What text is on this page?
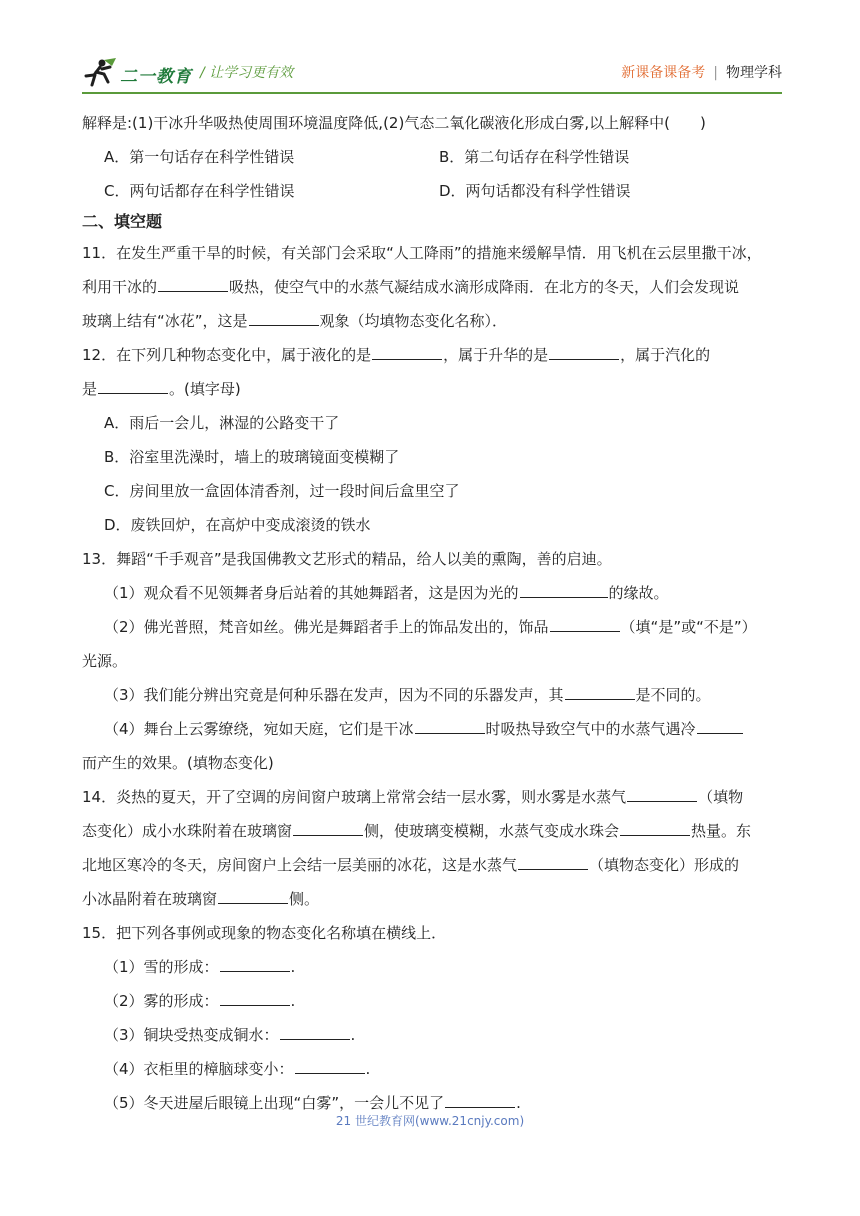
二一教育 / 让学习更有效	新课备课备考 | 物理学科

解释是:(1)干冰升华吸热使周围环境温度降低,(2)气态二氧化碳液化形成白雾,以上解释中(　　)

A．第一句话存在科学性错误	B．第二句话存在科学性错误
C．两句话都存在科学性错误	D．两句话都没有科学性错误

二、填空题

11．在发生严重干旱的时候，有关部门会采取“人工降雨”的措施来缓解旱情．用飞机在云层里撒干冰，

利用干冰的	吸热，使空气中的水蒸气凝结成水滴形成降雨．在北方的冬天，人们会发现说

玻璃上结有“冰花”，这是	观象（均填物态变化名称）．

12．在下列几种物态变化中，属于液化的是	，属于升华的是	，属于汽化的

是	。(填字母)

A．雨后一会儿，淋湿的公路变干了

B．浴室里洗澡时，墙上的玻璃镜面变模糊了

C．房间里放一盒固体清香剂，过一段时间后盒里空了

D．废铁回炉，在高炉中变成滚烫的铁水

13．舞蹈“千手观音”是我国佛教文艺形式的精品，给人以美的熏陶，善的启迪。

（1）观众看不见领舞者身后站着的其她舞蹈者，这是因为光的	的缘故。

（2）佛光普照，梵音如丝。佛光是舞蹈者手上的饰品发出的，饰品	（填“是”或“不是”）

光源。

（3）我们能分辨出究竟是何种乐器在发声，因为不同的乐器发声，其	是不同的。

（4）舞台上云雾缭绕，宛如天庭，它们是干冰	时吸热导致空气中的水蒸气遇冷

而产生的效果。(填物态变化)

14．炎热的夏天，开了空调的房间窗户玻璃上常常会结一层水雾，则水雾是水蒸气	（填物

态变化）成小水珠附着在玻璃窗	侧，使玻璃变模糊，水蒸气变成水珠会	热量。东

北地区寒冷的冬天，房间窗户上会结一层美丽的冰花，这是水蒸气	（填物态变化）形成的

小冰晶附着在玻璃窗	侧。

15．把下列各事例或现象的物态变化名称填在横线上．

（1）雪的形成：	.

（2）雾的形成：	.

（3）铜块受热变成铜水：	.

（4）衣柜里的樟脑球变小：	.

（5）冬天进屋后眼镜上出现“白雾”，一会儿不见了	.

21 世纪教育网(www.21cnjy.com)
